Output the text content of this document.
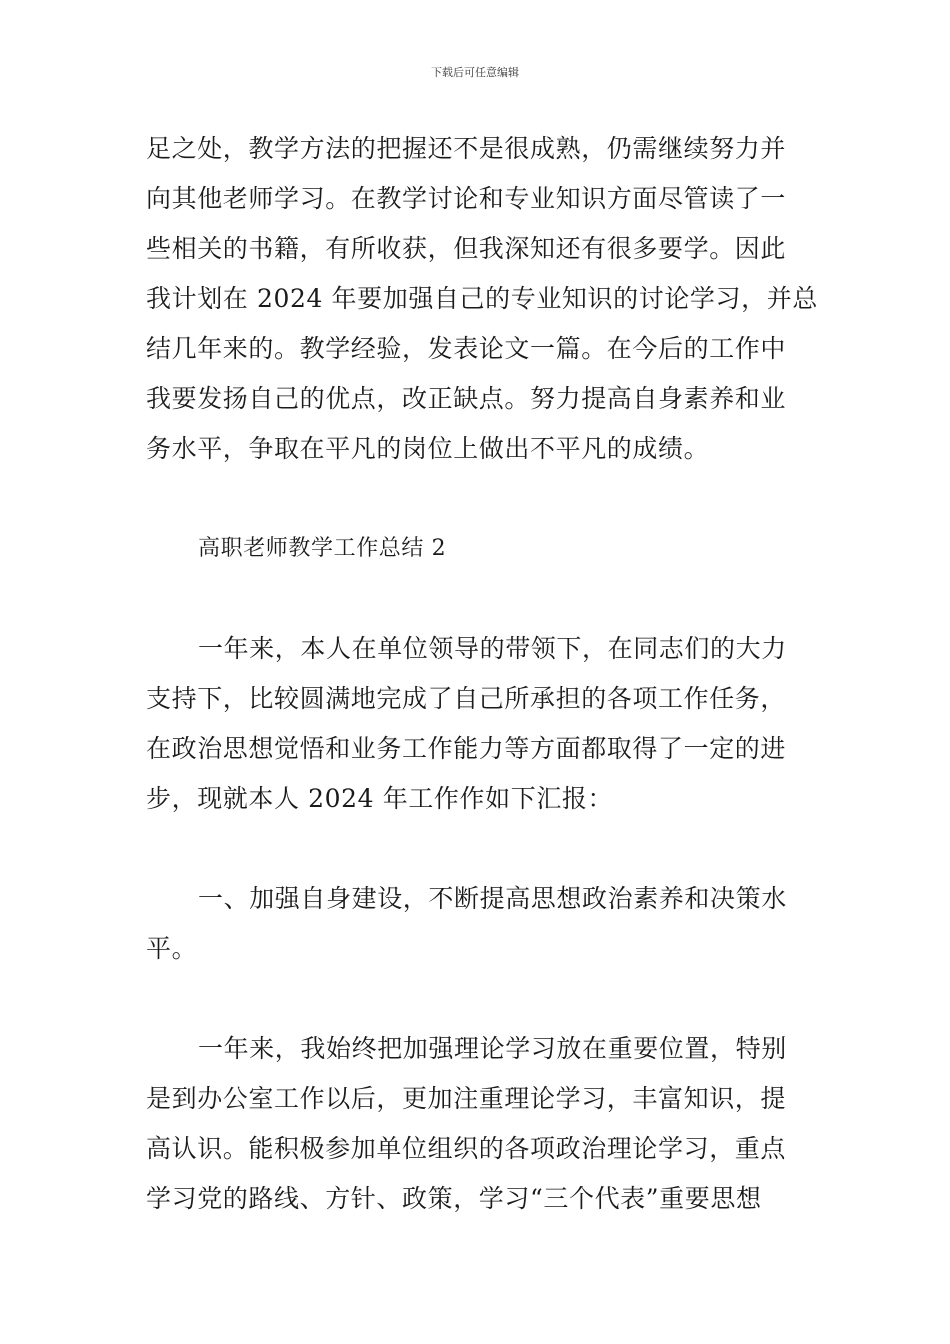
下载后可任意编辑
足之处，教学方法的把握还不是很成熟，仍需继续努力并
向其他老师学习。在教学讨论和专业知识方面尽管读了一
些相关的书籍，有所收获，但我深知还有很多要学。因此
我计划在 2024 年要加强自己的专业知识的讨论学习，并总
结几年来的。教学经验，发表论文一篇。在今后的工作中
我要发扬自己的优点，改正缺点。努力提高自身素养和业
务水平，争取在平凡的岗位上做出不平凡的成绩。
高职老师教学工作总结 2
一年来，本人在单位领导的带领下，在同志们的大力
支持下，比较圆满地完成了自己所承担的各项工作任务，
在政治思想觉悟和业务工作能力等方面都取得了一定的进
步，现就本人 2024 年工作作如下汇报：
一、加强自身建设，不断提高思想政治素养和决策水
平。
一年来，我始终把加强理论学习放在重要位置，特别
是到办公室工作以后，更加注重理论学习，丰富知识，提
高认识。能积极参加单位组织的各项政治理论学习，重点
学习党的路线、方针、政策，学习“三个代表”重要思想
